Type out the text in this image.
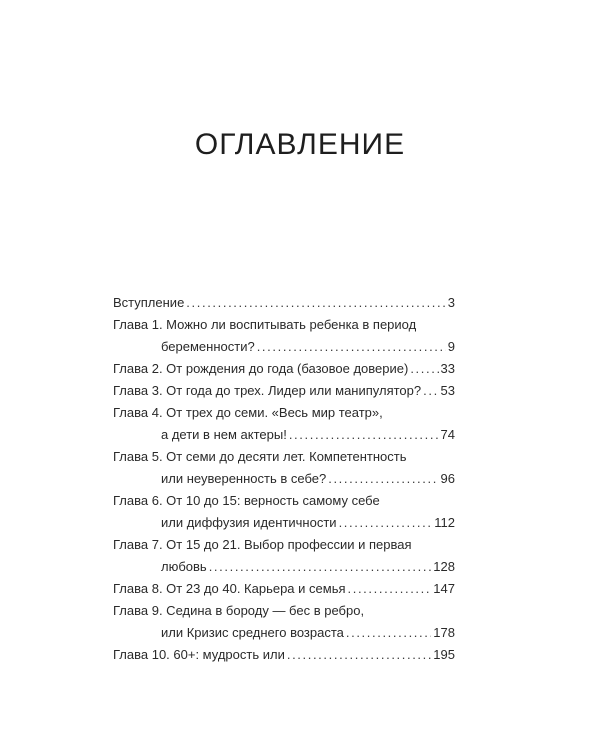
ОГЛАВЛЕНИЕ
Вступление . . .	3
Глава 1. Можно ли воспитывать ребенка в период
беременности? . . .	9
Глава 2. От рождения до года (базовое доверие) . . . 33
Глава 3. От года до трех. Лидер или манипулятор? . . . 53
Глава 4. От трех до семи. «Весь мир театр»,
а дети в нем актеры! . . .	74
Глава 5. От семи до десяти лет. Компетентность
или неуверенность в себе? . . .	96
Глава 6. От 10 до 15: верность самому себе
или диффузия идентичности . . .	112
Глава 7. От 15 до 21. Выбор профессии и первая
любовь . . .	128
Глава 8. От 23 до 40. Карьера и семья . . .	147
Глава 9. Седина в бороду — бес в ребро,
или Кризис среднего возраста . . .	178
Глава 10. 60+: мудрость или . . .	195
